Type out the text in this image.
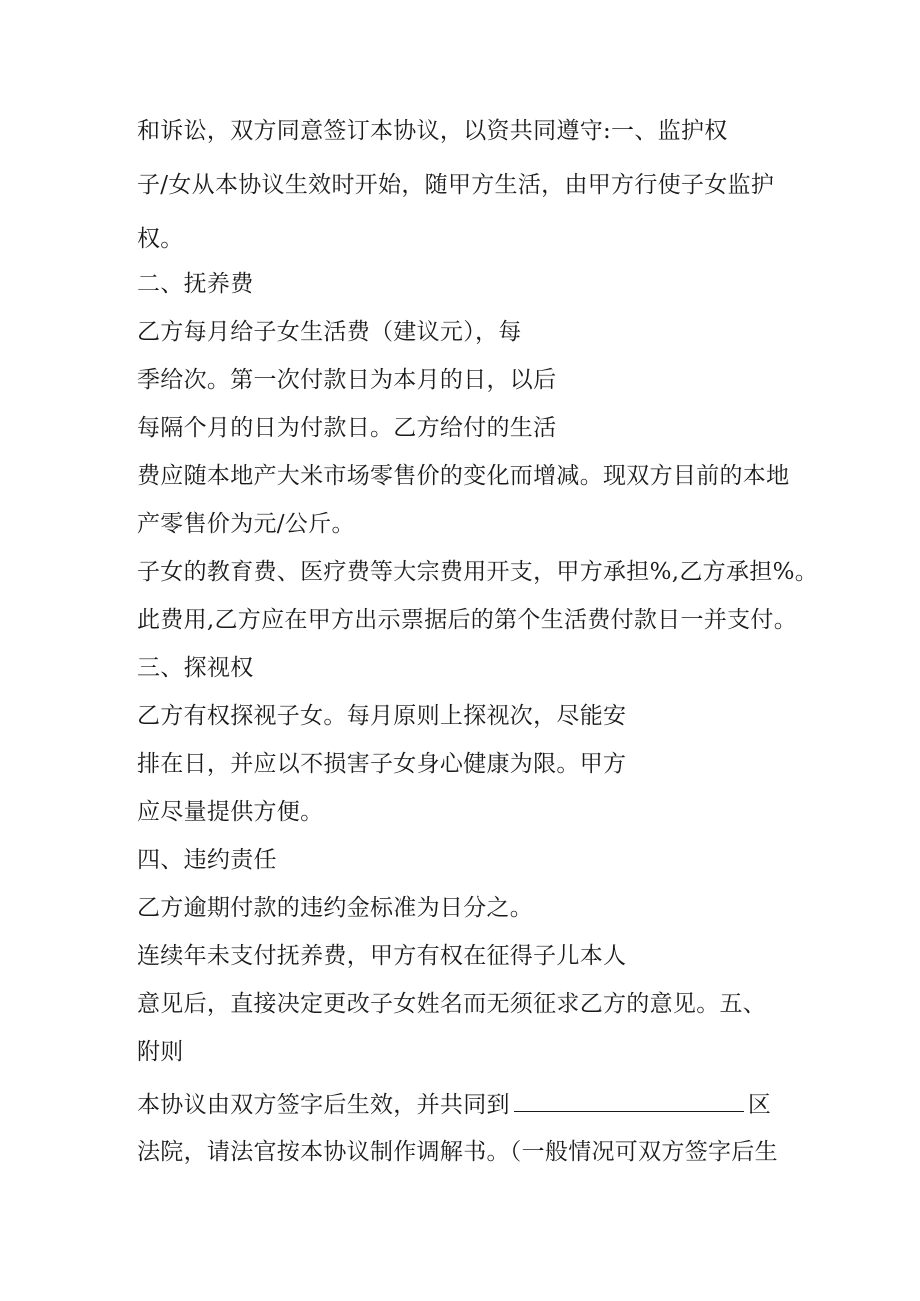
和诉讼，双方同意签订本协议，以资共同遵守:一、监护权
子/女从本协议生效时开始，随甲方生活，由甲方行使子女监护
权。
二、抚养费
乙方每月给子女生活费（建议元），每
季给次。第一次付款日为本月的日，以后
每隔个月的日为付款日。乙方给付的生活
费应随本地产大米市场零售价的变化而增减。现双方目前的本地
产零售价为元/公斤。
子女的教育费、医疗费等大宗费用开支，甲方承担%,乙方承担%。
此费用,乙方应在甲方出示票据后的第个生活费付款日一并支付。
三、探视权
乙方有权探视子女。每月原则上探视次，尽能安
排在日，并应以不损害子女身心健康为限。甲方
应尽量提供方便。
四、违约责任
乙方逾期付款的违约金标准为日分之。
连续年未支付抚养费，甲方有权在征得子儿本人
意见后，直接决定更改子女姓名而无须征求乙方的意见。五、
附则
本协议由双方签字后生效，并共同到	区
法院，请法官按本协议制作调解书。（一般情况可双方签字后生
